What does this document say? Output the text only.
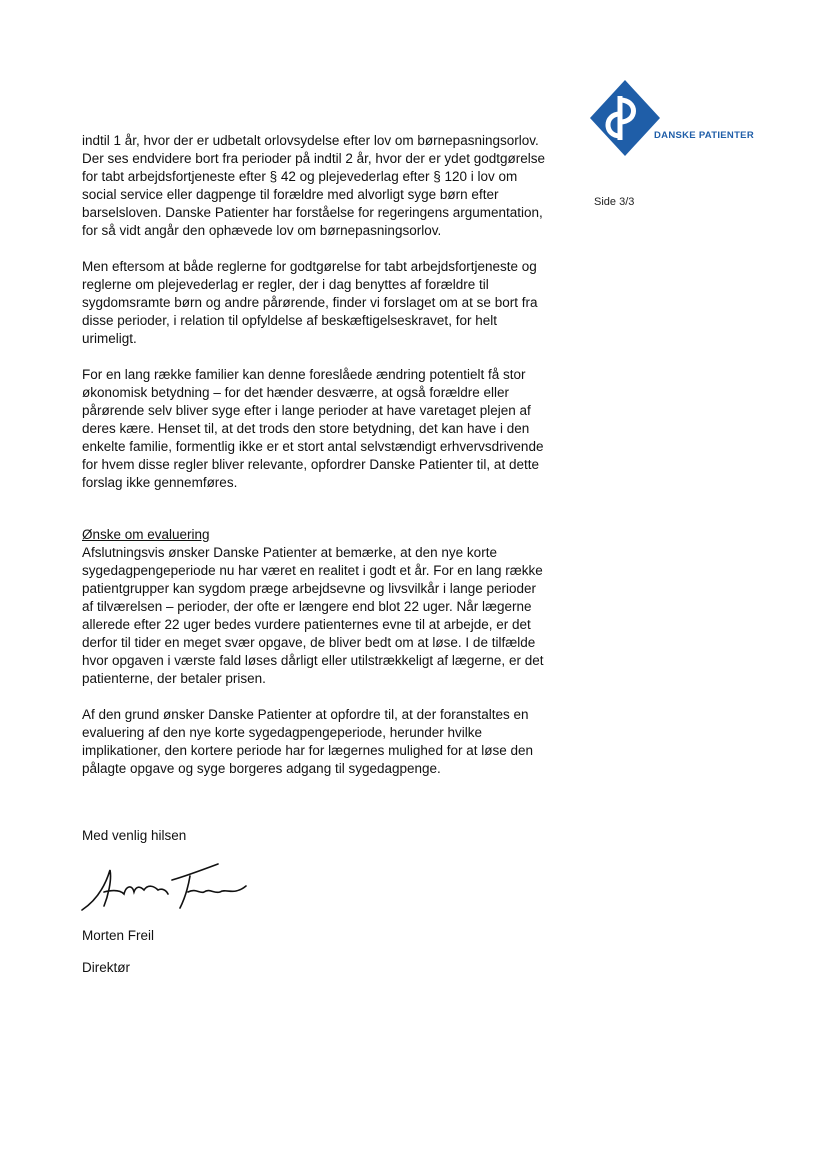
DANSKE PATIENTER
Side 3/3

indtil 1 år, hvor der er udbetalt orlovsydelse efter lov om børnepasningsorlov. Der ses endvidere bort fra perioder på indtil 2 år, hvor der er ydet godtgørelse for tabt arbejdsfortjeneste efter § 42 og plejevederlag efter § 120 i lov om social service eller dagpenge til forældre med alvorligt syge børn efter barselsloven. Danske Patienter har forståelse for regeringens argumentation, for så vidt angår den ophævede lov om børnepasningsorlov.

Men eftersom at både reglerne for godtgørelse for tabt arbejdsfortjeneste og reglerne om plejevederlag er regler, der i dag benyttes af forældre til sygdomsramte børn og andre pårørende, finder vi forslaget om at se bort fra disse perioder, i relation til opfyldelse af beskæftigelseskravet, for helt urimeligt.

For en lang række familier kan denne foreslåede ændring potentielt få stor økonomisk betydning – for det hænder desværre, at også forældre eller pårørende selv bliver syge efter i lange perioder at have varetaget plejen af deres kære. Henset til, at det trods den store betydning, det kan have i den enkelte familie, formentlig ikke er et stort antal selvstændigt erhvervsdrivende for hvem disse regler bliver relevante, opfordrer Danske Patienter til, at dette forslag ikke gennemføres.

Ønske om evaluering
Afslutningsvis ønsker Danske Patienter at bemærke, at den nye korte sygedagpengeperiode nu har været en realitet i godt et år. For en lang række patientgrupper kan sygdom præge arbejdsevne og livsvilkår i lange perioder af tilværelsen – perioder, der ofte er længere end blot 22 uger. Når lægerne allerede efter 22 uger bedes vurdere patienternes evne til at arbejde, er det derfor til tider en meget svær opgave, de bliver bedt om at løse. I de tilfælde hvor opgaven i værste fald løses dårligt eller utilstrækkeligt af lægerne, er det patienterne, der betaler prisen.

Af den grund ønsker Danske Patienter at opfordre til, at der foranstaltes en evaluering af den nye korte sygedagpengeperiode, herunder hvilke implikationer, den kortere periode har for lægernes mulighed for at løse den pålagte opgave og syge borgeres adgang til sygedagpenge.

Med venlig hilsen
Morten Freil
Direktør
